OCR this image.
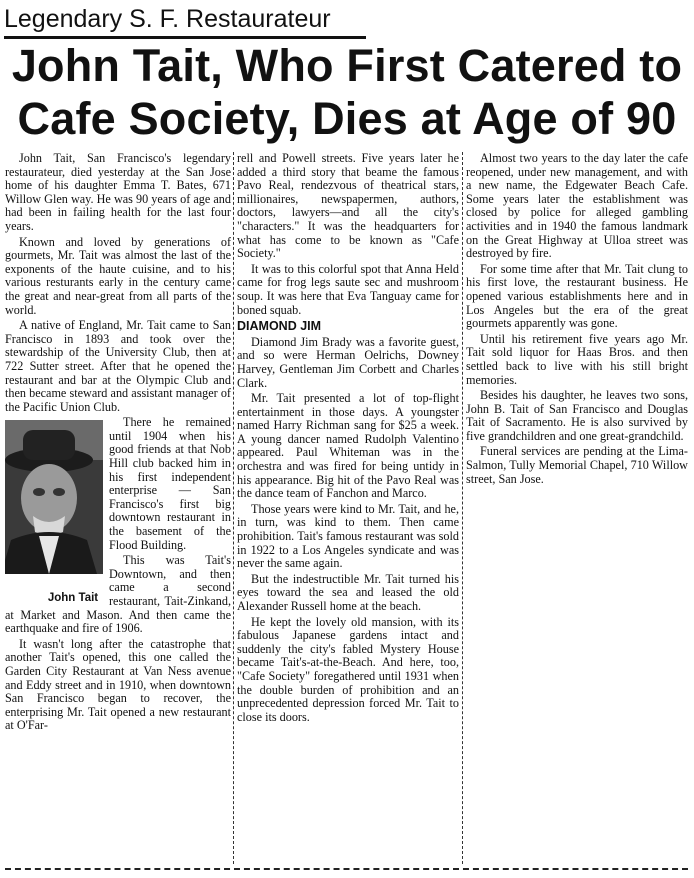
Legendary S. F. Restaurateur
John Tait, Who First Catered to
Cafe Society, Dies at Age of 90

John Tait, San Francisco's legendary restaurateur, died yesterday at the San Jose home of his daughter Emma T. Bates, 671 Willow Glen way. He was 90 years of age and had been in failing health for the last four years.

Known and loved by generations of gourmets, Mr. Tait was almost the last of the exponents of the haute cuisine, and to his various resturants early in the century came the great and near-great from all parts of the world.

A native of England, Mr. Tait came to San Francisco in 1893 and took over the stewardship of the University Club, then at 722 Sutter street. After that he opened the restaurant and bar at the Olympic Club and then became steward and assistant manager of the Pacific Union Club.

John Tait
There he remained until 1904 when his good friends at that Nob Hill club backed him in his first independent enterprise — San Francisco's first big downtown restaurant in the basement of the Flood Building.

This was Tait's Downtown, and then came a second restaurant, Tait-Zinkand, at Market and Mason. And then came the earthquake and fire of 1906.

It wasn't long after the catastrophe that another Tait's opened, this one called the Garden City Restaurant at Van Ness avenue and Eddy street and in 1910, when downtown San Francisco began to recover, the enterprising Mr. Tait opened a new restaurant at O'Far-

rell and Powell streets. Five years later he added a third story that beame the famous Pavo Real, rendezvous of theatrical stars, millionaires, newspapermen, authors, doctors, lawyers—and all the city's "characters." It was the headquarters for what has come to be known as "Cafe Society."

It was to this colorful spot that Anna Held came for frog legs saute sec and mushroom soup. It was here that Eva Tanguay came for boned squab.

DIAMOND JIM

Diamond Jim Brady was a favorite guest, and so were Herman Oelrichs, Downey Harvey, Gentleman Jim Corbett and Charles Clark.

Mr. Tait presented a lot of top-flight entertainment in those days. A youngster named Harry Richman sang for $25 a week. A young dancer named Rudolph Valentino appeared. Paul Whiteman was in the orchestra and was fired for being untidy in his appearance. Big hit of the Pavo Real was the dance team of Fanchon and Marco.

Those years were kind to Mr. Tait, and he, in turn, was kind to them. Then came prohibition. Tait's famous restaurant was sold in 1922 to a Los Angeles syndicate and was never the same again.

But the indestructible Mr. Tait turned his eyes toward the sea and leased the old Alexander Russell home at the beach.

He kept the lovely old mansion, with its fabulous Japanese gardens intact and suddenly the city's fabled Mystery House became Tait's-at-the-Beach. And here, too, "Cafe Society" foregathered until 1931 when the double burden of prohibition and an unprecedented depression forced Mr. Tait to close its doors.

Almost two years to the day later the cafe reopened, under new management, and with a new name, the Edgewater Beach Cafe. Some years later the establishment was closed by police for alleged gambling activities and in 1940 the famous landmark on the Great Highway at Ulloa street was destroyed by fire.

For some time after that Mr. Tait clung to his first love, the restaurant business. He opened various establishments here and in Los Angeles but the era of the great gourmets apparently was gone.

Until his retirement five years ago Mr. Tait sold liquor for Haas Bros. and then settled back to live with his still bright memories.

Besides his daughter, he leaves two sons, John B. Tait of San Francisco and Douglas Tait of Sacramento. He is also survived by five grandchildren and one great-grandchild.

Funeral services are pending at the Lima-Salmon, Tully Memorial Chapel, 710 Willow street, San Jose.
